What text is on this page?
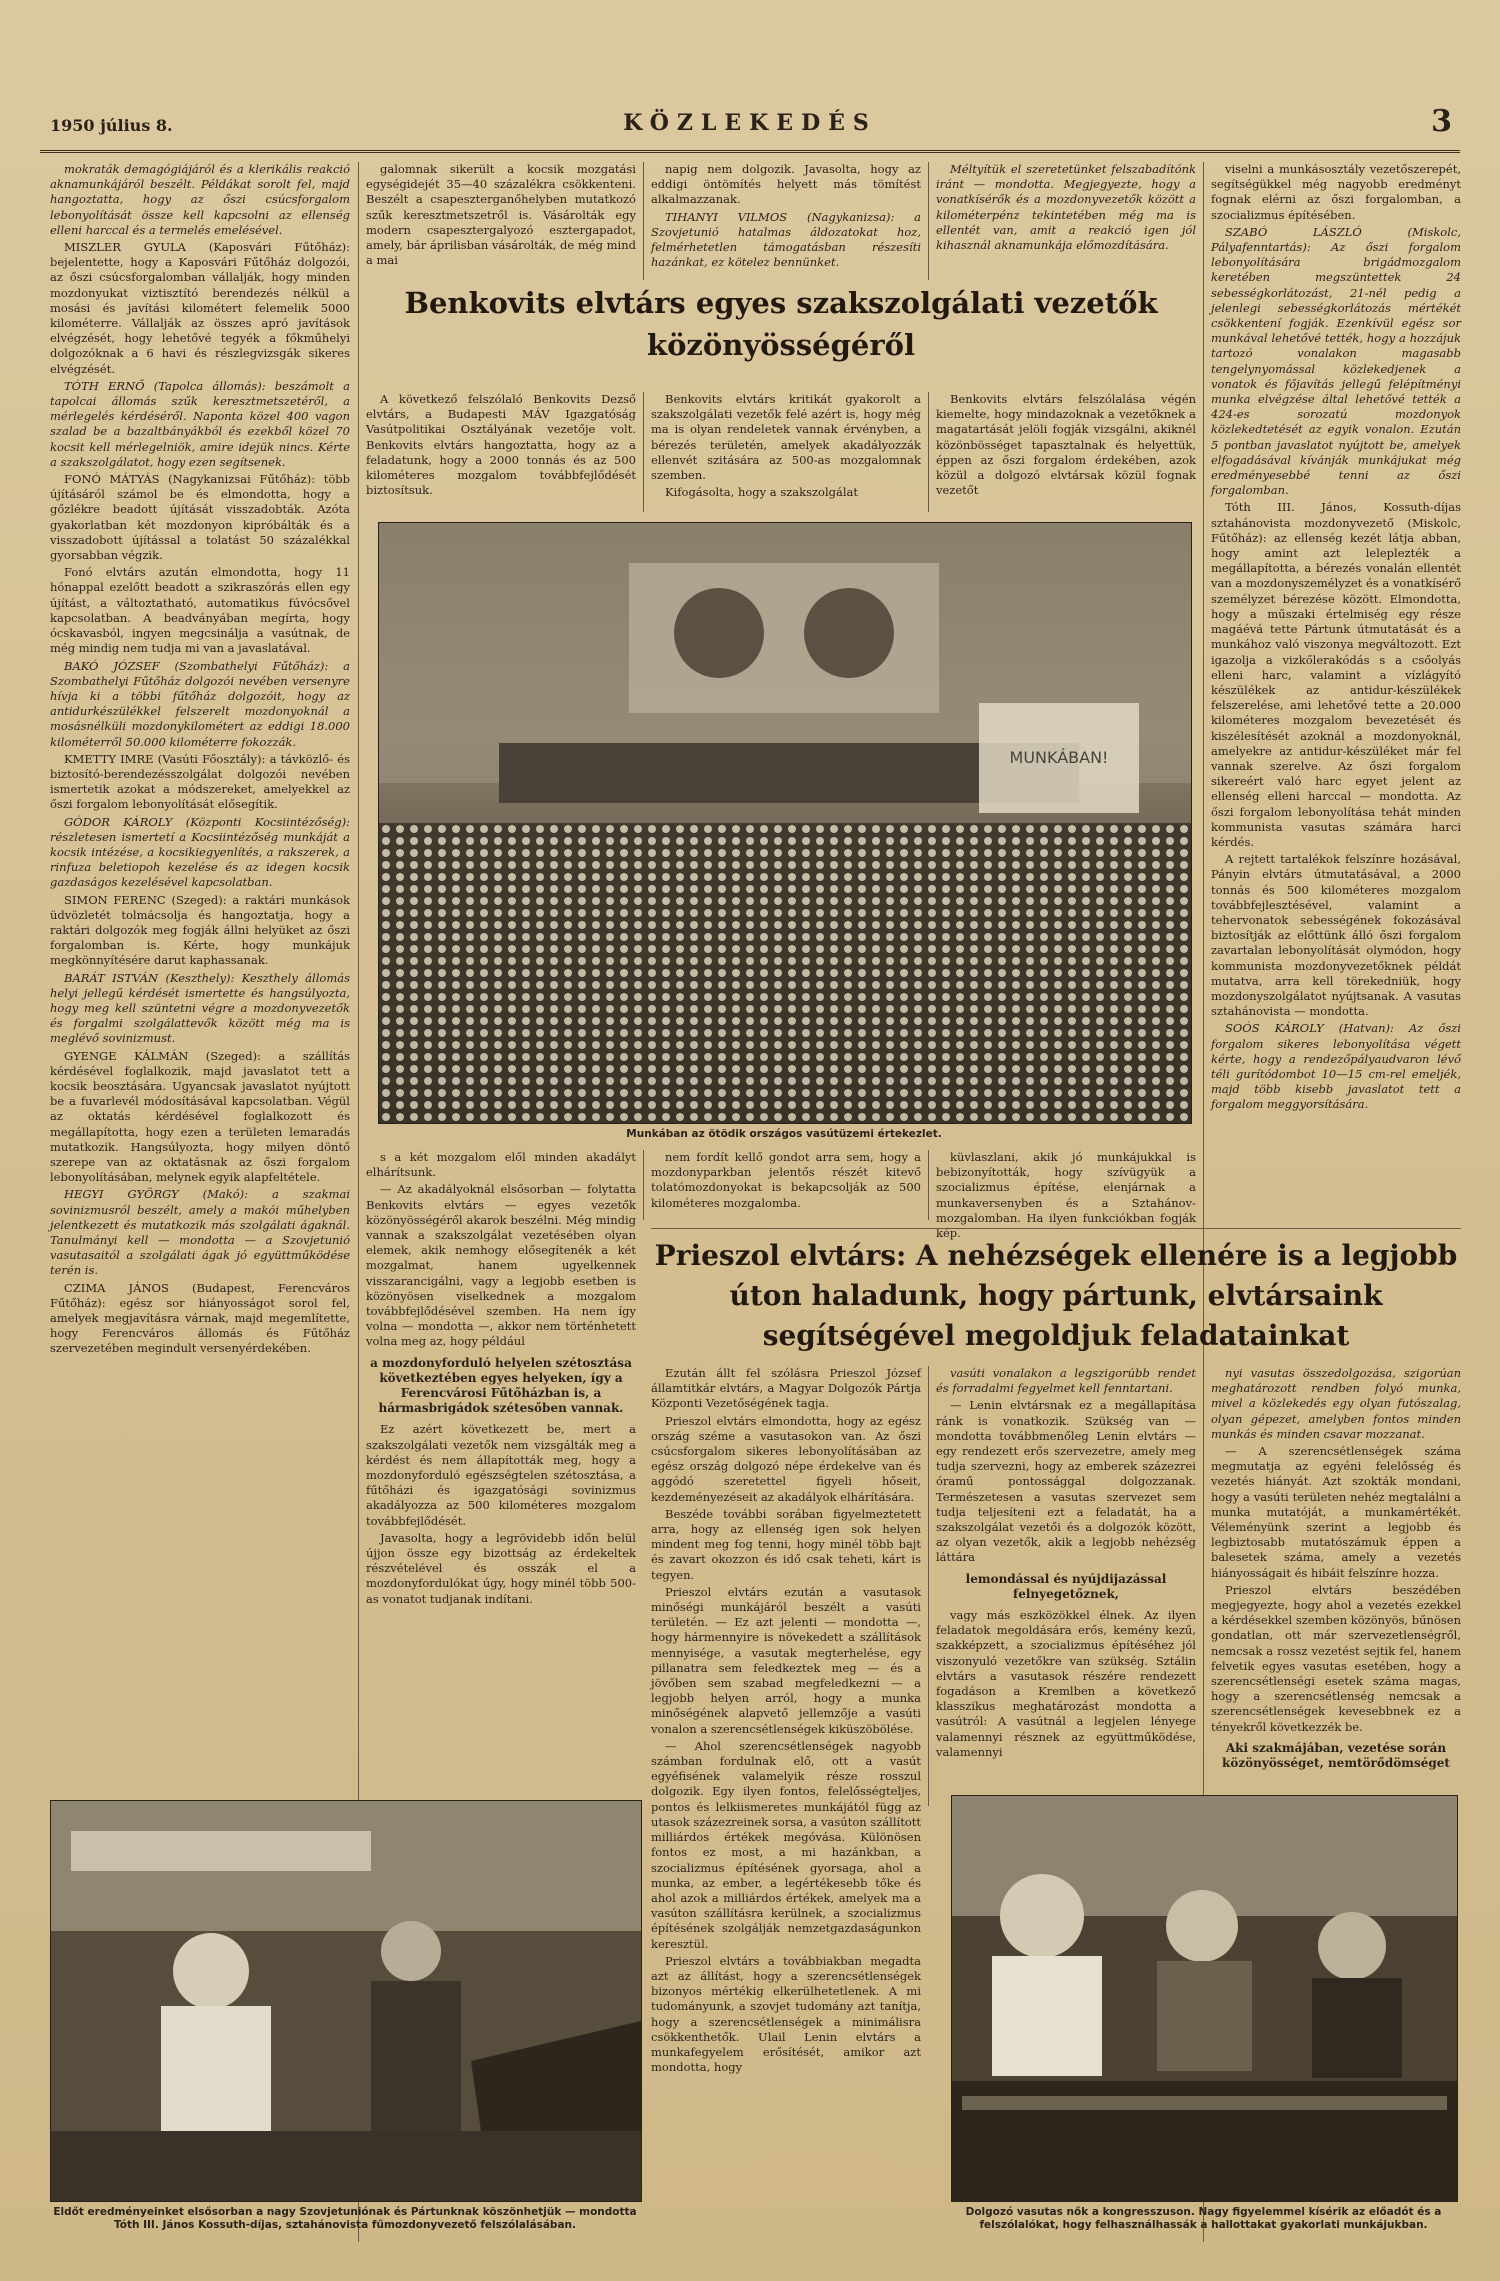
1950 július 8.	KÖZLEKEDÉS	3

mokraták demagógiájáról és a klerikális reakció aknamunkájáról beszélt. Példákat sorolt fel, majd hangoztatta, hogy az őszi csúcsforgalom lebonyolítását össze kell kapcsolni az ellenség elleni harccal és a termelés emelésével.

MISZLER GYULA (Kaposvári Fűtőház): bejelentette, hogy a Kaposvári Fűtőház dolgozói, az őszi csúcsforgalomban vállalják, hogy minden mozdonyukat viztisztító berendezés nélkül a mosási és javítási kilométert felemelik 5000 kilométerre. Vállalják az összes apró javítások elvégzését, hogy lehetővé tegyék a főkműhelyi dolgozóknak a 6 havi és részlegvizsgák sikeres elvégzését.

TÓTH ERNŐ (Tapolca állomás): beszámolt a tapolcai állomás szűk keresztmetszetéről, a mérlegelés kérdéséről. Naponta közel 400 vagon szalad be a bazaltbányákból és ezekből közel 70 kocsit kell mérlegelniök, amire idejük nincs. Kérte a szakszolgálatot, hogy ezen segítsenek.

FONÓ MÁTYÁS (Nagykanizsai Fűtőház): több újításáról számol be és elmondotta, hogy a gőzlékre beadott újítását visszadobták. Azóta gyakorlatban két mozdonyon kipróbálták és a visszadobott újítással a tolatást 50 százalékkal gyorsabban végzik.

Fonó elvtárs azután elmondotta, hogy 11 hónappal ezelőtt beadott a szikraszórás ellen egy újítást, a változtatható, automatikus fúvócsővel kapcsolatban. A beadványában megírta, hogy ócskavasból, ingyen megcsinálja a vasútnak, de még mindig nem tudja mi van a javaslatával.

BAKÓ JÓZSEF (Szombathelyi Fűtőház): a Szombathelyi Fűtőház dolgozói nevében versenyre hívja ki a többi fűtőház dolgozóit, hogy az antidurkészülékkel felszerelt mozdonyoknál a mosásnélküli mozdonykilométert az eddigi 18.000 kilométerről 50.000 kilométerre fokozzák.

KMETTY IMRE (Vasúti Főosztály): a távközlő- és biztosító-berendezésszolgálat dolgozói nevében ismertetik azokat a módszereket, amelyekkel az őszi forgalom lebonyolítását elősegítik.

GÓDOR KÁROLY (Központi Kocsiintézőség): részletesen ismertetí a Kocsiintézőség munkáját a kocsik intézése, a kocsikiegyenlítés, a rakszerek, a rinfuza beletiopoh kezelése és az idegen kocsik gazdaságos kezelésével kapcsolatban.

SIMON FERENC (Szeged): a raktári munkások üdvözletét tolmácsolja és hangoztatja, hogy a raktári dolgozók meg fogják állni helyüket az őszi forgalomban is. Kérte, hogy munkájuk megkönnyítésére darut kaphassanak.

BARÁT ISTVÁN (Keszthely): Keszthely állomás helyi jellegű kérdését ismertette és hangsúlyozta, hogy meg kell szüntetni végre a mozdonyvezetők és forgalmi szolgálattevők között még ma is meglévő sovinizmust.

GYENGE KÁLMÁN (Szeged): a szállítás kérdésével foglalkozik, majd javaslatot tett a kocsik beosztására. Ugyancsak javaslatot nyújtott be a fuvarlevél módosításával kapcsolatban. Végül az oktatás kérdésével foglalkozott és megállapította, hogy ezen a területen lemaradás mutatkozik. Hangsúlyozta, hogy milyen döntő szerepe van az oktatásnak az őszi forgalom lebonyolításában, melynek egyik alapfeltétele.

HEGYI GYÖRGY (Makó): a szakmai sovinizmusról beszélt, amely a makói műhelyben jelentkezett és mutatkozik más szolgálati ágaknál. Tanulmányi kell — mondotta — a Szovjetunió vasutasaitól a szolgálati ágak jó együttműködése terén is.

CZIMA JÁNOS (Budapest, Ferencváros Fűtőház): egész sor hiányosságot sorol fel, amelyek megjavításra várnak, majd megemlítette, hogy Ferencváros állomás és Fűtőház szervezetében megindult versenyérdekében.

galomnak sikerült a kocsik mozgatási egységidejét 35—40 százalékra csökkenteni. Beszélt a csapeszterganőhelyben mutatkozó szűk keresztmetszetről is. Vásárolták egy modern csapesztergalyozó esztergapadot, amely, bár áprilisban vásárolták, de még mind a mai

napig nem dolgozik. Javasolta, hogy az eddigi öntömítés helyett más tömítést alkalmazzanak.

TIHANYI VILMOS (Nagykanizsa): a Szovjetunió hatalmas áldozatokat hoz, felmérhetetlen támogatásban részesíti hazánkat, ez kötelez bennünket.

Méltyítük el szeretetünket felszabadítónk iránt — mondotta. Megjegyezte, hogy a vonatkísérők és a mozdonyvezetők között a kilométerpénz tekintetében még ma is ellentét van, amit a reakció igen jól kihasznál aknamunkája előmozdítására.

viselni a munkásosztály vezetőszerepét, segítségükkel még nagyobb eredményt fognak elérni az őszi forgalomban, a szocializmus építésében.

SZABÓ LÁSZLÓ (Miskolc, Pályafenntartás): Az őszi forgalom lebonyolítására brigádmozgalom keretében megszüntettek 24 sebességkorlátozást, 21-nél pedig a jelenlegi sebességkorlátozás mértékét csökkentení fogják. Ezenkívül egész sor munkával lehetővé tették, hogy a hozzájuk tartozó vonalakon magasabb tengelynyomással közlekedjenek a vonatok és főjavítás jellegű felépítményi munka elvégzése által lehetővé tették a 424-es sorozatú mozdonyok közlekedtetését az egyik vonalon. Ezután 5 pontban javaslatot nyújtott be, amelyek elfogadásával kívánják munkájukat még eredményesebbé tenni az őszi forgalomban.

Tóth III. János, Kossuth-díjas sztahánovista mozdonyvezető (Miskolc, Fűtőház): az ellenség kezét látja abban, hogy amint azt leleplezték a megállapította, a bérezés vonalán ellentét van a mozdonyszemélyzet és a vonatkísérő személyzet bérezése között. Elmondotta, hogy a műszaki értelmiség egy része magáévá tette Pártunk útmutatását és a munkához való viszonya megváltozott. Ezt igazolja a vizkőlerakódás s a csőolyás elleni harc, valamint a vízlágyító készülékek az antidur-készülékek felszerelése, ami lehetővé tette a 20.000 kilométeres mozgalom bevezetését és kiszélesítését azoknál a mozdonyoknál, amelyekre az antidur-készüléket már fel vannak szerelve. Az őszi forgalom sikereért való harc egyet jelent az ellenség elleni harccal — mondotta. Az őszi forgalom lebonyolítása tehát minden kommunista vasutas számára harci kérdés.

A rejtett tartalékok felszínre hozásával, Pányin elvtárs útmutatásával, a 2000 tonnás és 500 kilométeres mozgalom továbbfejlesztésével, valamint a tehervonatok sebességének fokozásával biztosítják az előttünk álló őszi forgalom zavartalan lebonyolítását olymódon, hogy kommunista mozdonyvezetőknek példát mutatva, arra kell törekedniük, hogy mozdonyszolgálatot nyújtsanak. A vasutas sztahánovista — mondotta.

SOÓS KÁROLY (Hatvan): Az őszi forgalom sikeres lebonyolítása végett kérte, hogy a rendezőpályaudvaron lévő téli gurítódombot 10—15 cm-rel emeljék, majd több kisebb javaslatot tett a forgalom meggyorsítására.

Benkovits elvtárs egyes szakszolgálati vezetők közönyösségéről

A következő felszólaló Benkovits Dezső elvtárs, a Budapesti MÁV Igazgatóság Vasútpolitikai Osztályának vezetője volt. Benkovits elvtárs hangoztatta, hogy az a feladatunk, hogy a 2000 tonnás és az 500 kilométeres mozgalom továbbfejlődését biztosítsuk.

Benkovits elvtárs kritikát gyakorolt a szakszolgálati vezetők felé azért is, hogy még ma is olyan rendeletek vannak érvényben, a bérezés területén, amelyek akadályozzák ellenvét szitására az 500-as mozgalomnak szemben.

Kifogásolta, hogy a szakszolgálat

Benkovits elvtárs felszólalása végén kiemelte, hogy mindazoknak a vezetőknek a magatartását jelöli fogják vizsgálni, akiknél közönbösséget tapasztalnak és helyettük, éppen az őszi forgalom érdekében, azok közül a dolgozó elvtársak közül fognak vezetőt

MUNKÁBAN!
Munkában az ötödik országos vasútüzemi értekezlet.

s a két mozgalom elől minden akadályt elhárítsunk.

— Az akadályoknál elsősorban — folytatta Benkovits elvtárs — egyes vezetők közönyösségéről akarok beszélni. Még mindig vannak a szakszolgálat vezetésében olyan elemek, akik nemhogy elősegítenék a két mozgalmat, hanem ugyelkennek visszarancigálni, vagy a legjobb esetben is közönyösen viselkednek a mozgalom továbbfejlődésével szemben. Ha nem így volna — mondotta —, akkor nem történhetett volna meg az, hogy például

a mozdonyforduló helyelen szétosztása következtében egyes helyeken, így a Ferencvárosi Fűtőházban is, a hármasbrigádok szétesőben vannak.

Ez azért következett be, mert a szakszolgálati vezetők nem vizsgálták meg a kérdést és nem állapították meg, hogy a mozdonyforduló egészségtelen szétosztása, a fűtőházi és igazgatósági sovinizmus akadályozza az 500 kilométeres mozgalom továbbfejlődését.

Javasolta, hogy a legrövidebb időn belül újjon össze egy bizottság az érdekeltek részvételével és osszák el a mozdonyfordulókat úgy, hogy minél több 500-as vonatot tudjanak indítani.

nem fordít kellő gondot arra sem, hogy a mozdonyparkban jelentős részét kitevő tolatómozdonyokat is bekapcsolják az 500 kilométeres mozgalomba.

küvlaszlani, akik jó munkájukkal is bebizonyították, hogy szívügyük a szocializmus építése, elenjárnak a munkaversenyben és a Sztahánov-mozgalomban. Ha ilyen funkciókban fogják kép.

Prieszol elvtárs: A nehézségek ellenére is a legjobb úton haladunk, hogy pártunk, elvtársaink segítségével megoldjuk feladatainkat

Ezután állt fel szólásra Prieszol József államtitkár elvtárs, a Magyar Dolgozók Pártja Központi Vezetőségének tagja.

Prieszol elvtárs elmondotta, hogy az egész ország széme a vasutasokon van. Az őszi csúcsforgalom sikeres lebonyolításában az egész ország dolgozó népe érdekelve van és aggódó szeretettel figyeli hőseit, kezdeményezéseit az akadályok elhárítására.

Beszéde további sorában figyelmeztetett arra, hogy az ellenség igen sok helyen mindent meg fog tenni, hogy minél több bajt és zavart okozzon és idő csak teheti, kárt is tegyen.

Prieszol elvtárs ezután a vasutasok minőségi munkájáról beszélt a vasúti területén. — Ez azt jelenti — mondotta —, hogy hármennyire is növekedett a szállítások mennyisége, a vasutak megterhelése, egy pillanatra sem feledkeztek meg — és a jövőben sem szabad megfeledkezni — a legjobb helyen arról, hogy a munka minőségének alapvető jellemzője a vasúti vonalon a szerencsétlenségek kiküszöbölése.

— Ahol szerencsétlenségek nagyobb számban fordulnak elő, ott a vasút egyéfisének valamelyik része rosszul dolgozik. Egy ilyen fontos, felelősségteljes, pontos és lelkiismeretes munkájától függ az utasok százezreinek sorsa, a vasúton szállított milliárdos értékek megóvása. Különösen fontos ez most, a mi hazánkban, a szocializmus építésének gyorsaga, ahol a munka, az ember, a legértékesebb tőke és ahol azok a milliárdos értékek, amelyek ma a vasúton szállításra kerülnek, a szocializmus építésének szolgálják nemzetgazdaságunkon keresztül.

Prieszol elvtárs a továbbiakban megadta azt az állítást, hogy a szerencsétlenségek bizonyos mértékig elkerülhetetlenek. A mi tudományunk, a szovjet tudomány azt tanítja, hogy a szerencsétlenségek a minimálisra csökkenthetők. Ulail Lenin elvtárs a munkafegyelem erősítését, amikor azt mondotta, hogy

vasúti vonalakon a legszigorúbb rendet és forradalmi fegyelmet kell fenntartani.

— Lenin elvtársnak ez a megállapítása ránk is vonatkozik. Szükség van — mondotta továbbmenőleg Lenin elvtárs — egy rendezett erős szervezetre, amely meg tudja szervezni, hogy az emberek százezrei óramű pontossággal dolgozzanak. Természetesen a vasutas szervezet sem tudja teljesíteni ezt a feladatát, ha a szakszolgálat vezetői és a dolgozók között, az olyan vezetők, akik a legjobb nehézség láttára

lemondással és nyújdijazással felnyegetőznek,

vagy más eszközökkel élnek. Az ilyen feladatok megoldására erős, kemény kezű, szakképzett, a szocializmus építéséhez jól viszonyuló vezetőkre van szükség. Sztálin elvtárs a vasutasok részére rendezett fogadáson a Kremlben a következő klasszikus meghatározást mondotta a vasútról: A vasútnál a legjelen lényege valamennyi résznek az együttműködése, valamennyi

nyi vasutas összedolgozása, szigorúan meghatározott rendben folyó munka, mivel a közlekedés egy olyan futószalag, olyan gépezet, amelyben fontos minden munkás és minden csavar mozzanat.

— A szerencsétlenségek száma megmutatja az egyéni felelősség és vezetés hiányát. Azt szokták mondani, hogy a vasúti területen nehéz megtalálni a munka mutatóját, a munkamértékét. Véleményünk szerint a legjobb és legbiztosabb mutatószámuk éppen a balesetek száma, amely a vezetés hiányosságait és hibáit felszínre hozza.

Prieszol elvtárs beszédében megjegyezte, hogy ahol a vezetés ezekkel a kérdésekkel szemben közönyös, bűnösen gondatlan, ott már szervezetlenségről, nemcsak a rossz vezetést sejtik fel, hanem felvetik egyes vasutas esetében, hogy a szerencsétlenségi esetek száma magas, hogy a szerencsétlenség nemcsak a szerencsétlenségek kevesebbnek ez a tényekről következzék be.

Aki szakmájában, vezetése során közönyösséget, nemtörődömséget

Eldőt eredményeinket elsősorban a nagy Szovjetuniónak és Pártunknak köszönhetjük — mondotta Tóth III. János Kossuth-díjas, sztahánovista fűmozdonyvezető felszólalásában.
Dolgozó vasutas nők a kongresszuson. Nagy figyelemmel kísérik az előadót és a felszólalókat, hogy felhasználhassák a hallottakat gyakorlati munkájukban.
